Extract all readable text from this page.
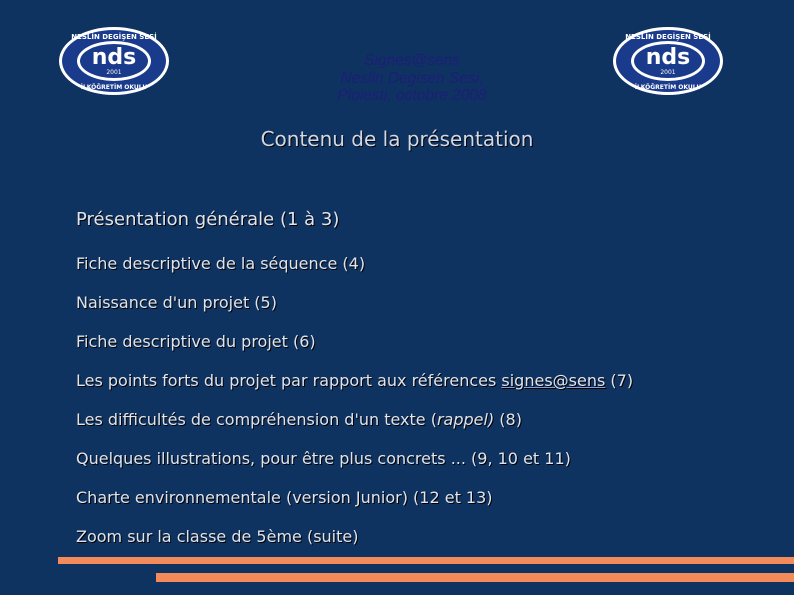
nds
2001
NESLİN DEGİŞEN SESİ
İLKÖĞRETİM OKULU
nds
2001
NESLİN DEGİŞEN SESİ
İLKÖĞRETİM OKULU
Signes@sens
Neslin Degisen Sesi,
Ploiesti, octobre 2008
Contenu de la présentation
Présentation générale (1 à 3)
Fiche descriptive de la séquence (4)
Naissance d'un projet (5)
Fiche descriptive du projet (6)
Les points forts du projet par rapport aux références signes@sens (7)
Les difficultés de compréhension d'un texte (rappel) (8)
Quelques illustrations, pour être plus concrets ... (9, 10 et 11)
Charte environnementale (version Junior) (12 et 13)
Zoom sur la classe de 5ème (suite)
